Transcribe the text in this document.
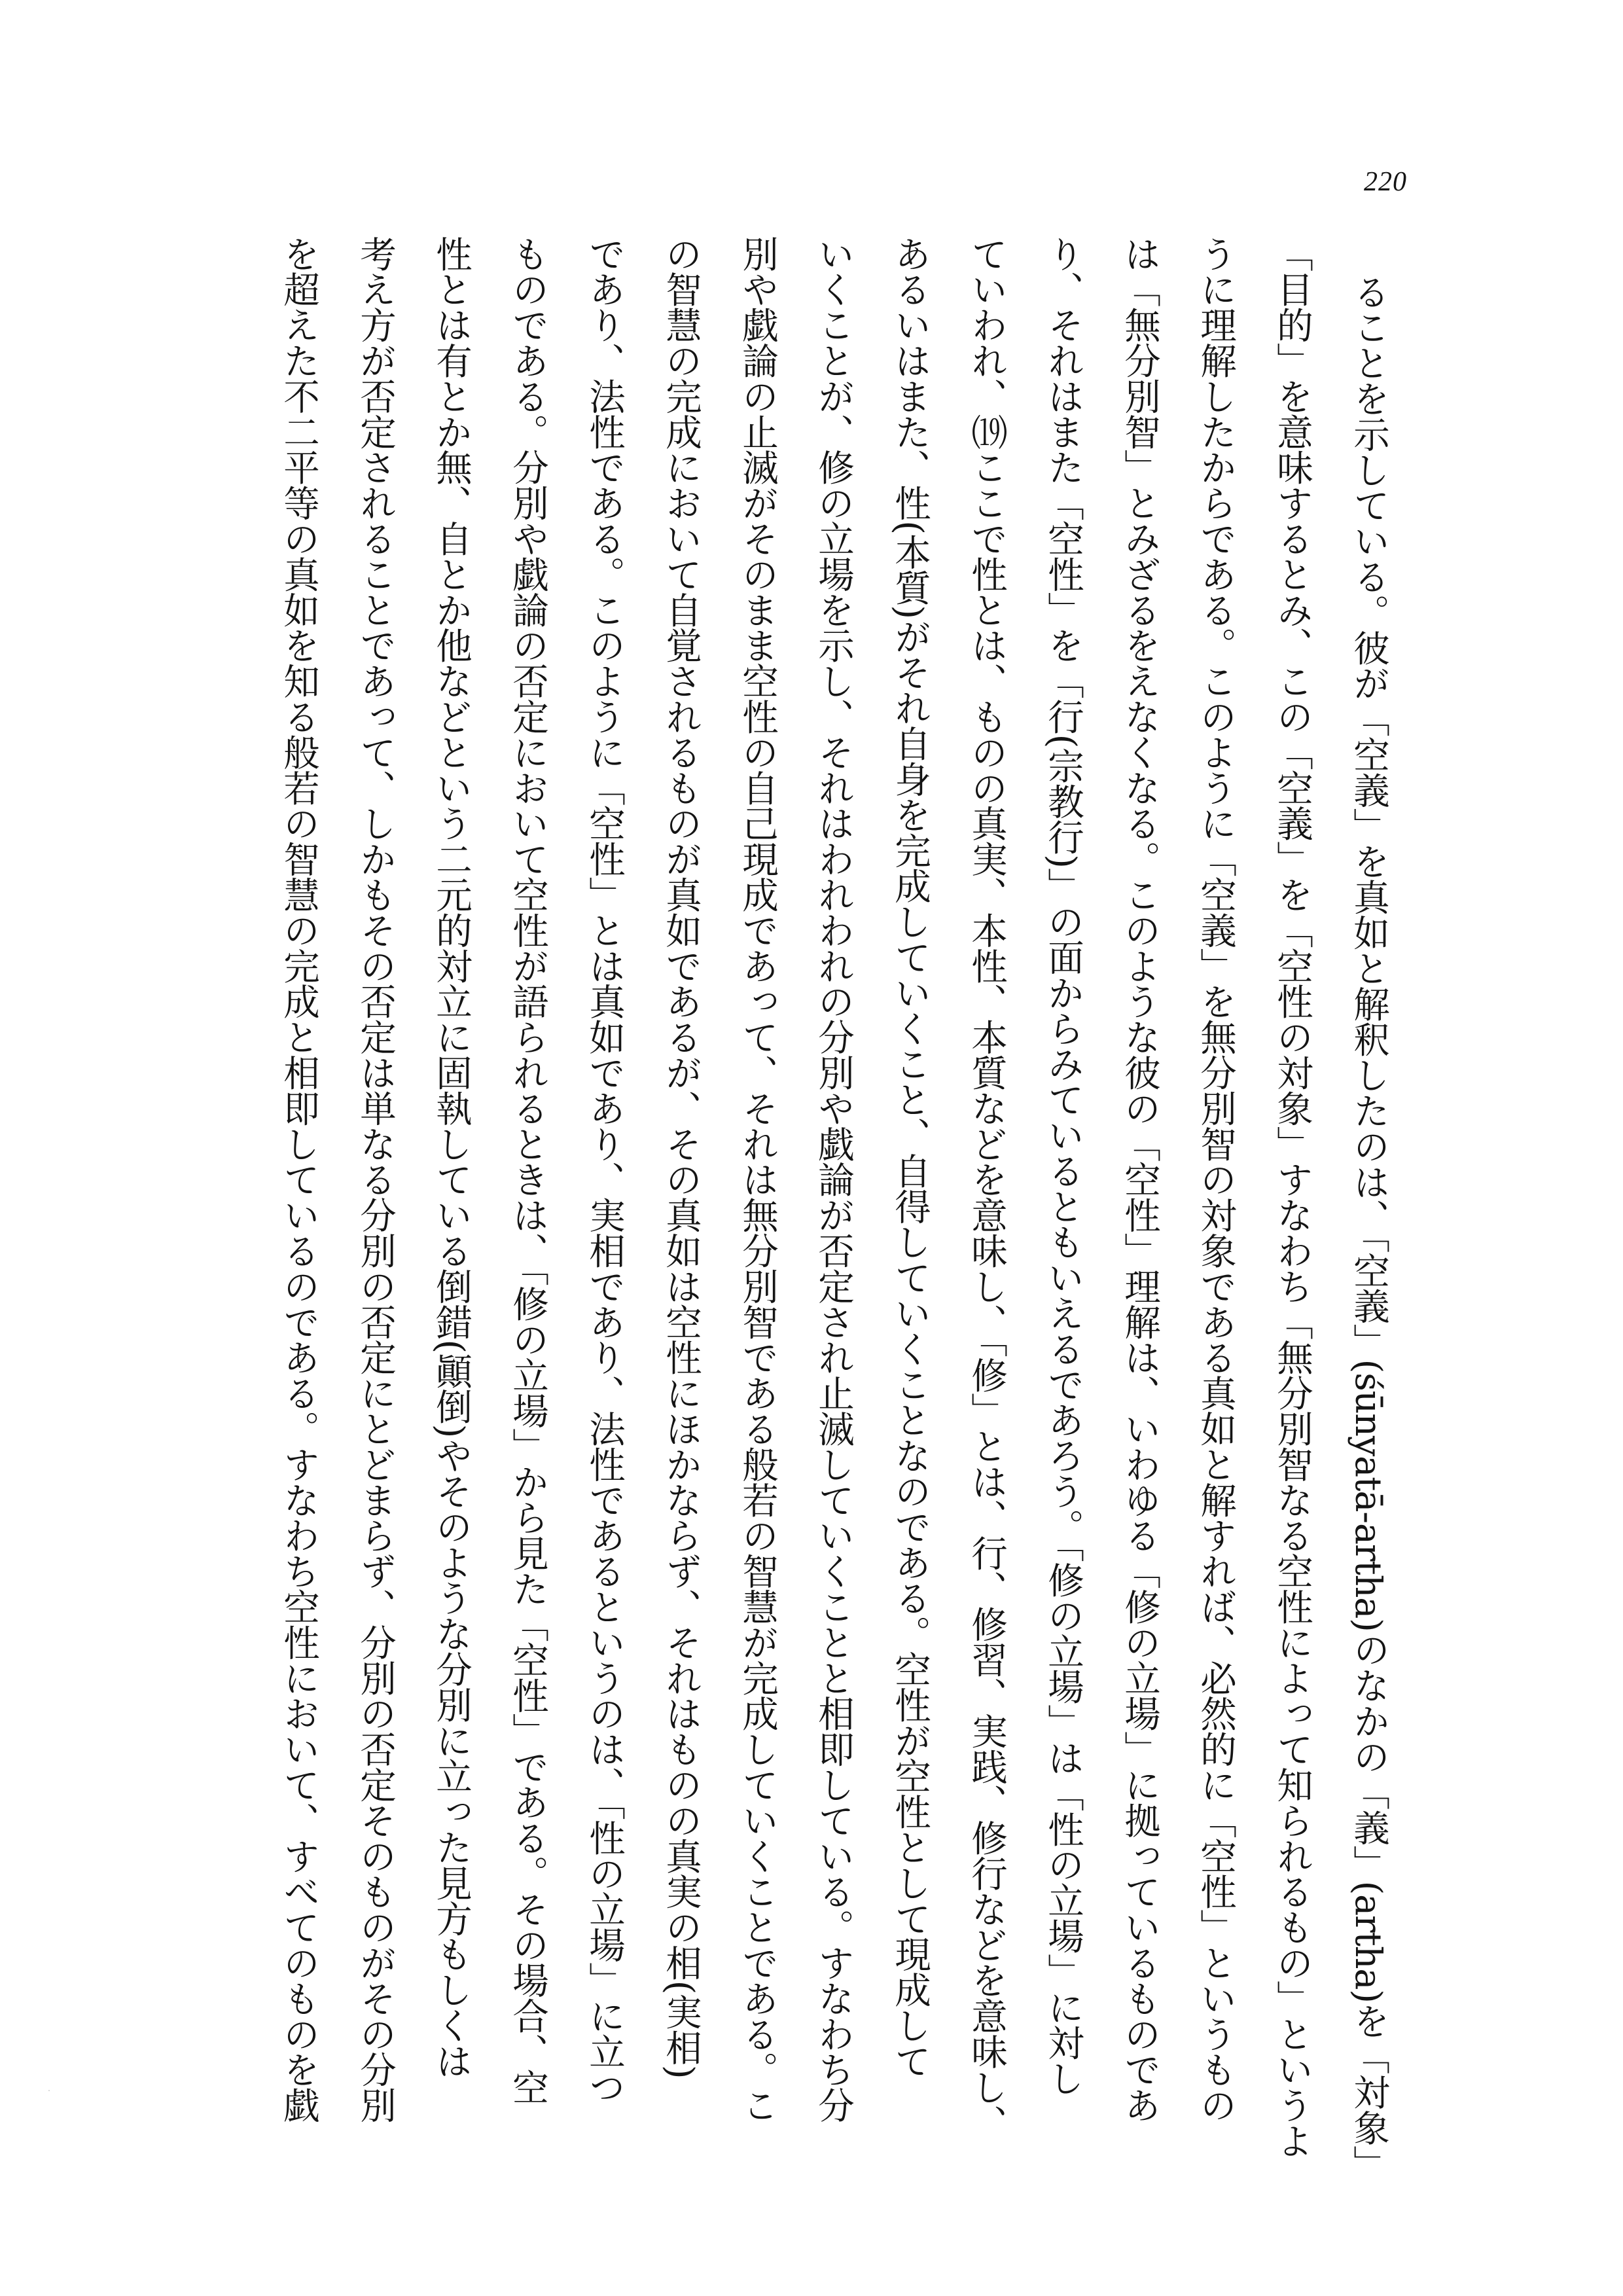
220
ることを示している。彼が「空義」を真如と解釈したのは、「空義」(śūnyatā-artha)のなかの「義」(artha)を「対象」
「目的」を意味するとみ、この「空義」を「空性の対象」すなわち「無分別智なる空性によって知られるもの」というよ
うに理解したからである。このように「空義」を無分別智の対象である真如と解すれば、必然的に「空性」というもの
は「無分別智」とみざるをえなくなる。このような彼の「空性」理解は、いわゆる「修の立場」に拠っているものであ
り、それはまた「空性」を「行(宗教行)」の面からみているともいえるであろう。「修の立場」は「性の立場」に対し
ていわれ、⒆ここで性とは、ものの真実、本性、本質などを意味し、「修」とは、行、修習、実践、修行などを意味し、
あるいはまた、性(本質)がそれ自身を完成していくこと、自得していくことなのである。空性が空性として現成して
いくことが、修の立場を示し、それはわれわれの分別や戯論が否定され止滅していくことと相即している。すなわち分
別や戯論の止滅がそのまま空性の自己現成であって、それは無分別智である般若の智慧が完成していくことである。こ
の智慧の完成において自覚されるものが真如であるが、その真如は空性にほかならず、それはものの真実の相(実相)
であり、法性である。このように「空性」とは真如であり、実相であり、法性であるというのは、「性の立場」に立つ
ものである。分別や戯論の否定において空性が語られるときは、「修の立場」から見た「空性」である。その場合、空
性とは有とか無、自とか他などという二元的対立に固執している倒錯(顚倒)やそのような分別に立った見方もしくは
考え方が否定されることであって、しかもその否定は単なる分別の否定にとどまらず、分別の否定そのものがその分別
を超えた不二平等の真如を知る般若の智慧の完成と相即しているのである。すなわち空性において、すべてのものを戯
·
